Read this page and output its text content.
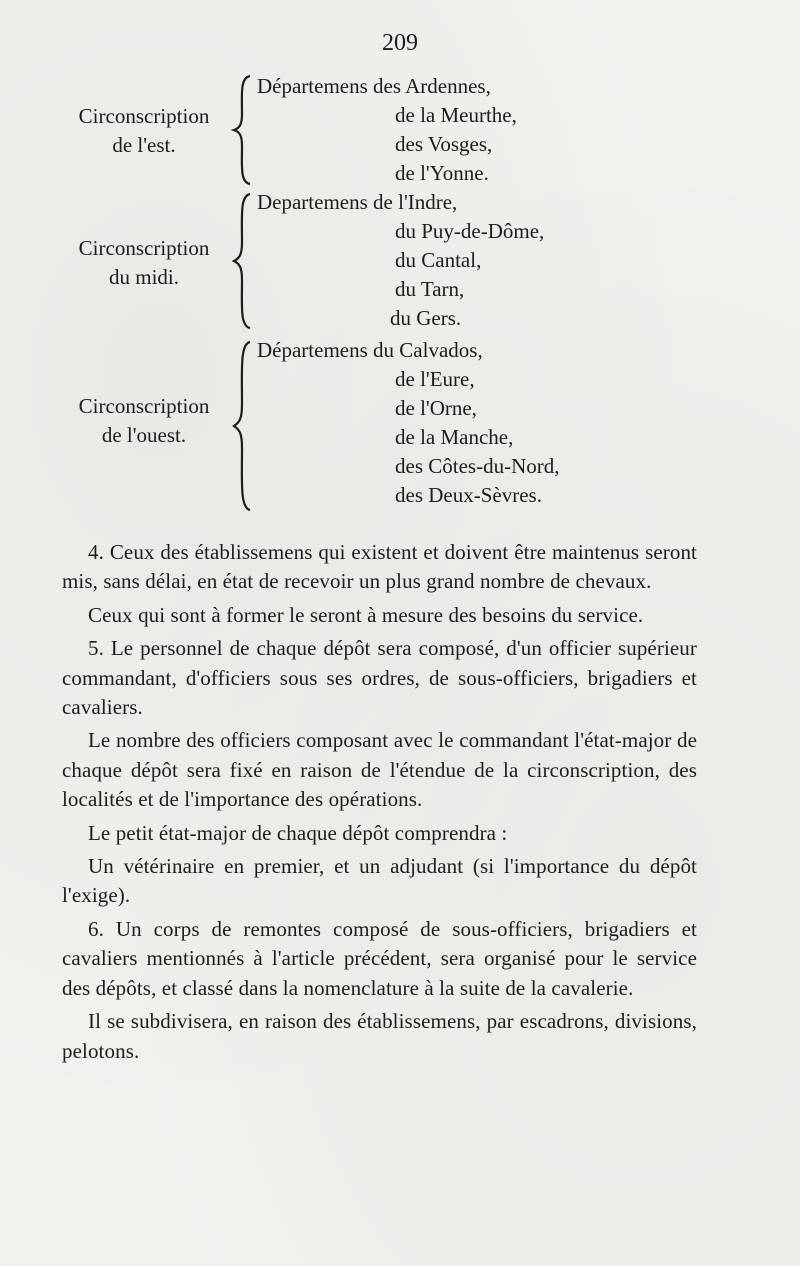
209
Circonscription
de l'est.
Départemens des Ardennes,
de la Meurthe,
des Vosges,
de l'Yonne.
Circonscription
du midi.
Departemens de l'Indre,
du Puy-de-Dôme,
du Cantal,
du Tarn,
du Gers.
Circonscription
de l'ouest.
Départemens du Calvados,
de l'Eure,
de l'Orne,
de la Manche,
des Côtes-du-Nord,
des Deux-Sèvres.

4. Ceux des établissemens qui existent et doivent être maintenus seront mis, sans délai, en état de recevoir un plus grand nombre de chevaux.

Ceux qui sont à former le seront à mesure des besoins du service.

5. Le personnel de chaque dépôt sera composé, d'un officier supérieur commandant, d'officiers sous ses ordres, de sous-officiers, brigadiers et cavaliers.

Le nombre des officiers composant avec le commandant l'état-major de chaque dépôt sera fixé en raison de l'étendue de la circonscription, des localités et de l'importance des opérations.

Le petit état-major de chaque dépôt comprendra :

Un vétérinaire en premier, et un adjudant (si l'importance du dépôt l'exige).

6. Un corps de remontes composé de sous-officiers, brigadiers et cavaliers mentionnés à l'article précédent, sera organisé pour le service des dépôts, et classé dans la nomenclature à la suite de la cavalerie.

Il se subdivisera, en raison des établissemens, par escadrons, divisions, pelotons.
